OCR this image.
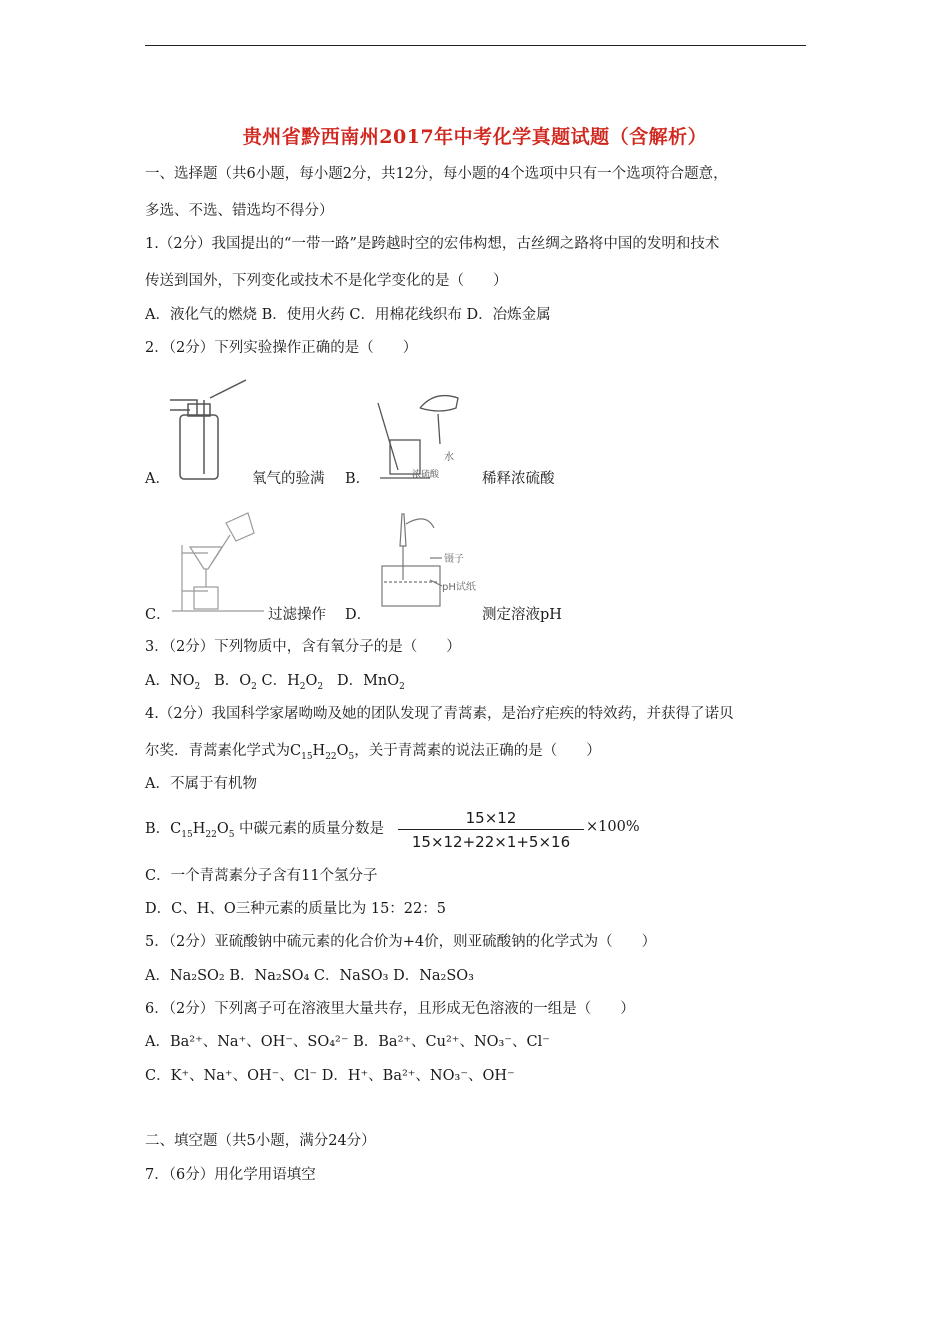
贵州省黔西南州2017年中考化学真题试题（含解析）
一、选择题（共6小题，每小题2分，共12分，每小题的4个选项中只有一个选项符合题意，
多选、不选、错选均不得分）
1.（2分）我国提出的“一带一路”是跨越时空的宏伟构想，古丝绸之路将中国的发明和技术
传送到国外，下列变化或技术不是化学变化的是（　　）
A．液化气的燃烧 B．使用火药 C．用棉花线织布 D．冶炼金属
2．（2分）下列实验操作正确的是（　　）
水
浓硫酸
A．	氧气的验满 B．	稀释浓硫酸
镊子
pH试纸
C．	过滤操作 D．	测定溶液pH
3．（2分）下列物质中，含有氧分子的是（　　）
A．$NO_2$ B．$O_2$ C．$H_2O_2$ D．MnO$_2$
4.（2分）我国科学家屠呦呦及她的团队发现了青蒿素，是治疗疟疾的特效药，并获得了诺贝
尔奖．青蒿素化学式为$C_{15}H_{22}O_5$，关于青蒿素的说法正确的是（　　）
A．不属于有机物
B．$C_{15}H_{22}O_5$ 中碳元素的质量分数是
15×12
15×12+22×1+5×16
×100%
C．一个青蒿素分子含有11个氢分子
D．C、H、O三种元素的质量比为 15：22：5
5．（2分）亚硫酸钠中硫元素的化合价为+4价，则亚硫酸钠的化学式为（　　）
A．Na₂SO₂ B．Na₂SO₄ C．NaSO₃ D．Na₂SO₃
6．（2分）下列离子可在溶液里大量共存，且形成无色溶液的一组是（　　）
A．Ba²⁺、Na⁺、OH⁻、SO₄²⁻ B．Ba²⁺、Cu²⁺、NO₃⁻、Cl⁻
C．K⁺、Na⁺、OH⁻、Cl⁻ D．H⁺、Ba²⁺、NO₃⁻、OH⁻
二、填空题（共5小题，满分24分）
7．（6分）用化学用语填空
